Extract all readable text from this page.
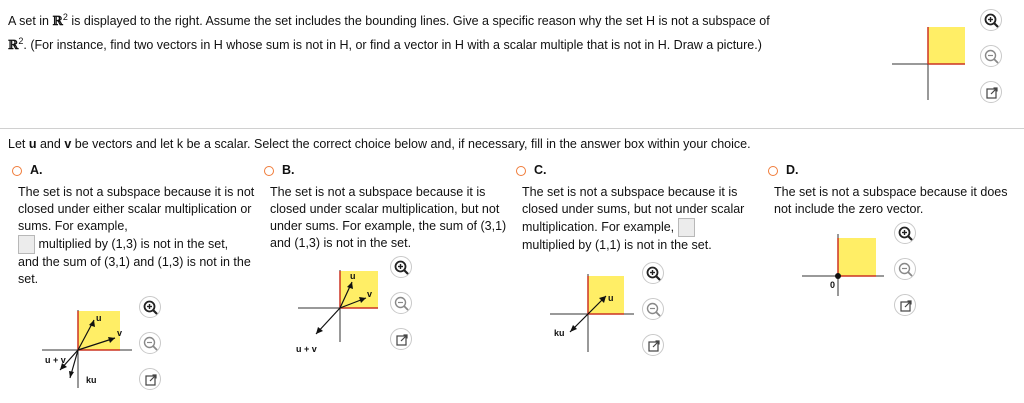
A set in ℝ$^2$ is displayed to the right. Assume the set includes the bounding lines. Give a specific reason why the set H is not a subspace of
ℝ$^2$. (For instance, find two vectors in H whose sum is not in H, or find a vector in H with a scalar multiple that is not in H. Draw a picture.)
Let u and v be vectors and let k be a scalar. Select the correct choice below and, if necessary, fill in the answer box within your choice.
A.
The set is not a subspace because it is not closed under either scalar multiplication or sums. For example,
multiplied by (1,3) is not in the set,
and the sum of (3,1) and (1,3) is not in the set.
u
v
u + v
ku
B.
The set is not a subspace because it is closed under scalar multiplication, but not under sums. For example, the sum of (3,1) and (1,3) is not in the set.
u
v
u + v
C.
The set is not a subspace because it is closed under sums, but not under scalar multiplication. For example,
multiplied by (1,1) is not in the set.
u
ku
D.
The set is not a subspace because it does not include the zero vector.
0
